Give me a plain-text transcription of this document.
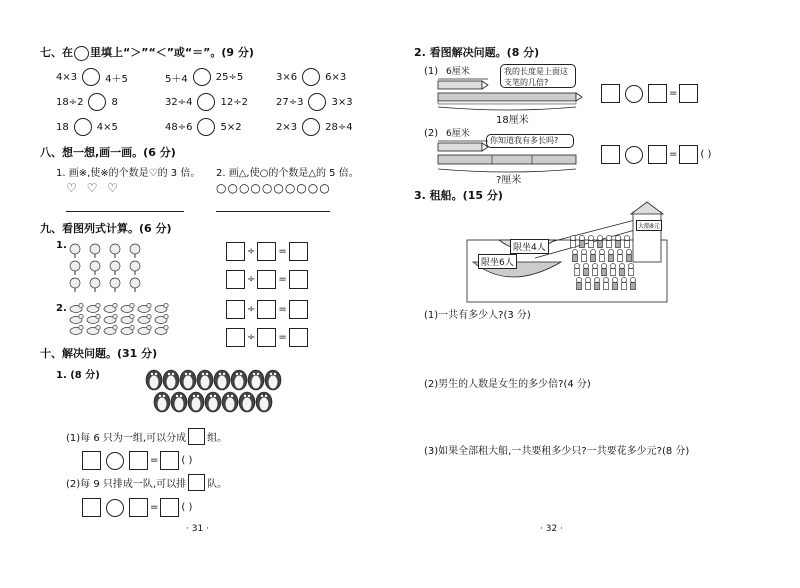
七、在 里填上“＞”“＜”或“＝”。(9 分)
4×3	4＋5	5＋4	25÷5	3×6	6×3
18÷2	8	32÷4	12÷2	27÷3	3×3
18	4×5	48÷6	5×2	2×3	28÷4
八、想一想,画一画。(6 分)
1. 画※,使※的个数是♡的 3 倍。 2. 画△,使○的个数是△的 5 倍。
♡ ♡ ♡	○○○○○○○○○○
九、看图列式计算。(6 分)
1.
2.
÷ =
÷ =
÷ =
÷ =
十、解决问题。(31 分)
1. (8 分)
(1)每 6 只为一组,可以分成 组。
= ( )
(2)每 9 只排成一队,可以排 队。
= ( )
· 31 ·
2. 看图解决问题。(8 分)
(1) 6厘米	我的长度是上面这支笔的几倍?
18厘米
=
(2) 6厘米
你知道我有多长吗?
?厘米
= ( )
3. 租船。(15 分)
限坐4人
限坐6人
大船8元
(1)一共有多少人?(3 分)
(2)男生的人数是女生的多少倍?(4 分)
(3)如果全部租大船,一共要租多少只?一共要花多少元?(8 分)
· 32 ·
